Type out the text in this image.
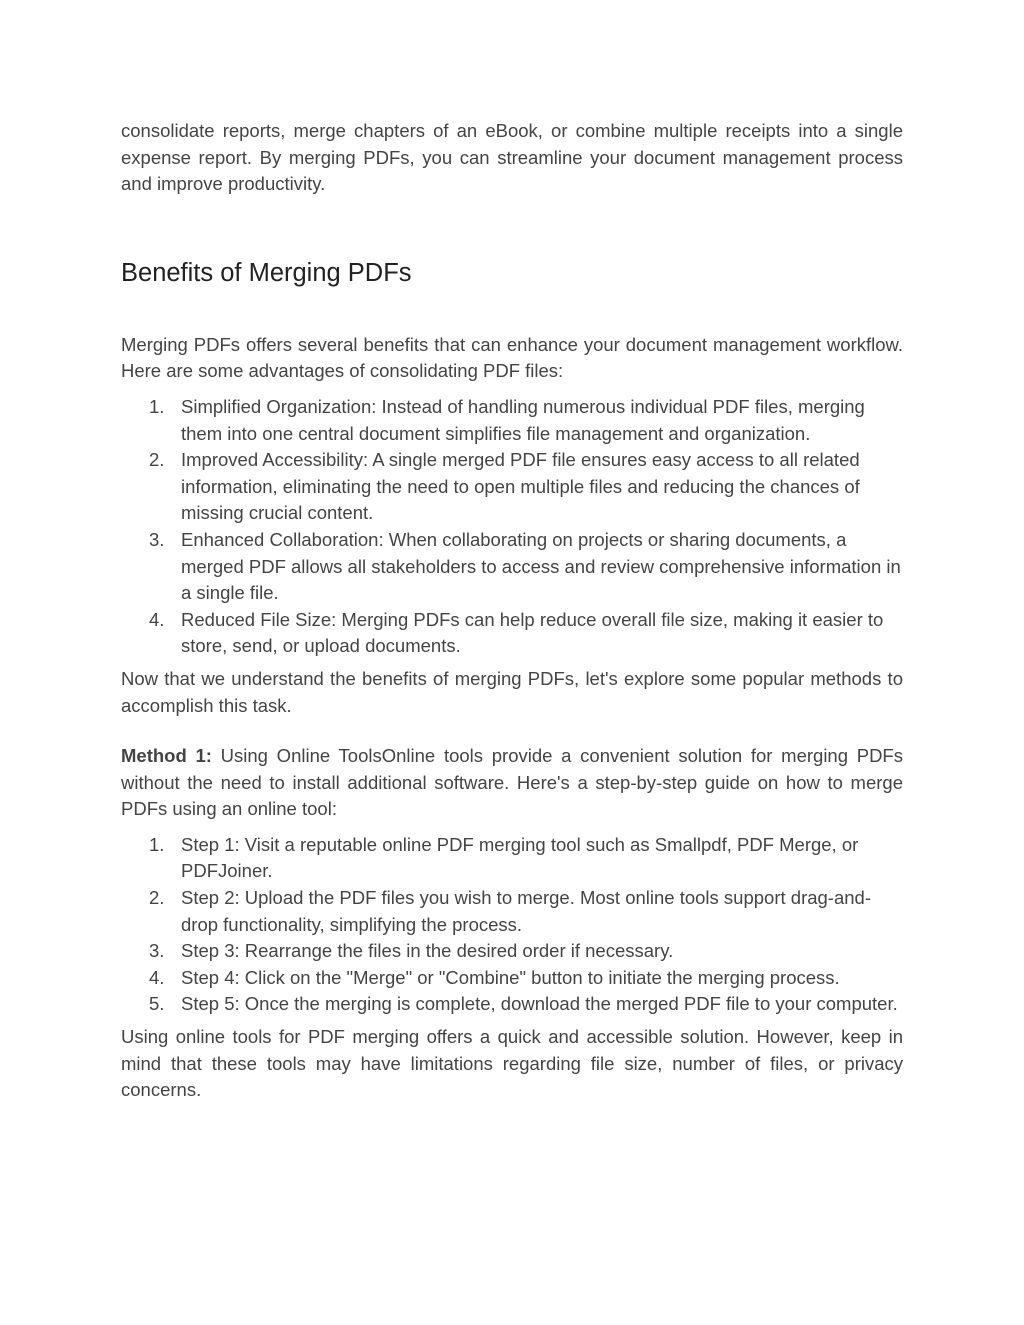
consolidate reports, merge chapters of an eBook, or combine multiple receipts into a single expense report. By merging PDFs, you can streamline your document management process and improve productivity.

Benefits of Merging PDFs

Merging PDFs offers several benefits that can enhance your document management workflow. Here are some advantages of consolidating PDF files:

1. Simplified Organization: Instead of handling numerous individual PDF files, merging them into one central document simplifies file management and organization.
2. Improved Accessibility: A single merged PDF file ensures easy access to all related information, eliminating the need to open multiple files and reducing the chances of missing crucial content.
3. Enhanced Collaboration: When collaborating on projects or sharing documents, a merged PDF allows all stakeholders to access and review comprehensive information in a single file.
4. Reduced File Size: Merging PDFs can help reduce overall file size, making it easier to store, send, or upload documents.

Now that we understand the benefits of merging PDFs, let's explore some popular methods to accomplish this task.

Method 1: Using Online ToolsOnline tools provide a convenient solution for merging PDFs without the need to install additional software. Here's a step-by-step guide on how to merge PDFs using an online tool:

1. Step 1: Visit a reputable online PDF merging tool such as Smallpdf, PDF Merge, or PDFJoiner.
2. Step 2: Upload the PDF files you wish to merge. Most online tools support drag-and-drop functionality, simplifying the process.
3. Step 3: Rearrange the files in the desired order if necessary.
4. Step 4: Click on the "Merge" or "Combine" button to initiate the merging process.
5. Step 5: Once the merging is complete, download the merged PDF file to your computer.

Using online tools for PDF merging offers a quick and accessible solution. However, keep in mind that these tools may have limitations regarding file size, number of files, or privacy concerns.
